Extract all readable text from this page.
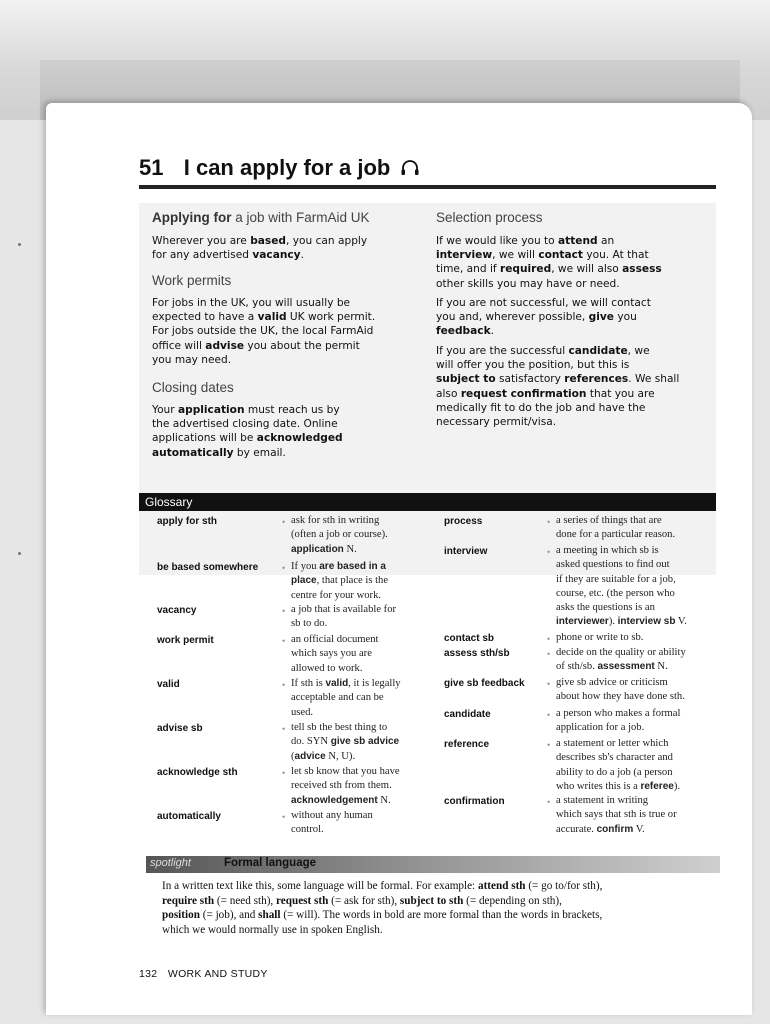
51 I can apply for a job
Applying for a job with FarmAid UK
Wherever you are based, you can apply
for any advertised vacancy.
Work permits
For jobs in the UK, you will usually be
expected to have a valid UK work permit.
For jobs outside the UK, the local FarmAid
office will advise you about the permit
you may need.
Closing dates
Your application must reach us by
the advertised closing date. Online
applications will be acknowledged
automatically by email.
Selection process
If we would like you to attend an
interview, we will contact you. At that
time, and if required, we will also assess
other skills you may have or need.
If you are not successful, we will contact
you and, wherever possible, give you
feedback.
If you are the successful candidate, we
will offer you the position, but this is
subject to satisfactory references. We shall
also request confirmation that you are
medically fit to do the job and have the
necessary permit/visa.
Glossary
apply for sth	• ask for sth in writing
(often a job or course).
application N.
be based somewhere	• If you are based in a
place, that place is the
centre for your work.
vacancy	• a job that is available for
sb to do.
work permit	• an official document
which says you are
allowed to work.
valid	• If sth is valid, it is legally
acceptable and can be
used.
advise sb	• tell sb the best thing to
do. SYN give sb advice
(advice N, U).
acknowledge sth	• let sb know that you have
received sth from them.
acknowledgement N.
automatically	• without any human
control.
process	• a series of things that are
done for a particular reason.
interview	• a meeting in which sb is
asked questions to find out
if they are suitable for a job,
course, etc. (the person who
asks the questions is an
interviewer). interview sb V.
contact sb	• phone or write to sb.
assess sth/sb	• decide on the quality or ability
of sth/sb. assessment N.
give sb feedback • give sb advice or criticism
about how they have done sth.
candidate	• a person who makes a formal
application for a job.
reference	• a statement or letter which
describes sb's character and
ability to do a job (a person
who writes this is a referee).
confirmation	• a statement in writing
which says that sth is true or
accurate. confirm V.
spotlight	Formal language
In a written text like this, some language will be formal. For example: attend sth (= go to/for sth),
require sth (= need sth), request sth (= ask for sth), subject to sth (= depending on sth),
position (= job), and shall (= will). The words in bold are more formal than the words in brackets,
which we would normally use in spoken English.
132 WORK AND STUDY
